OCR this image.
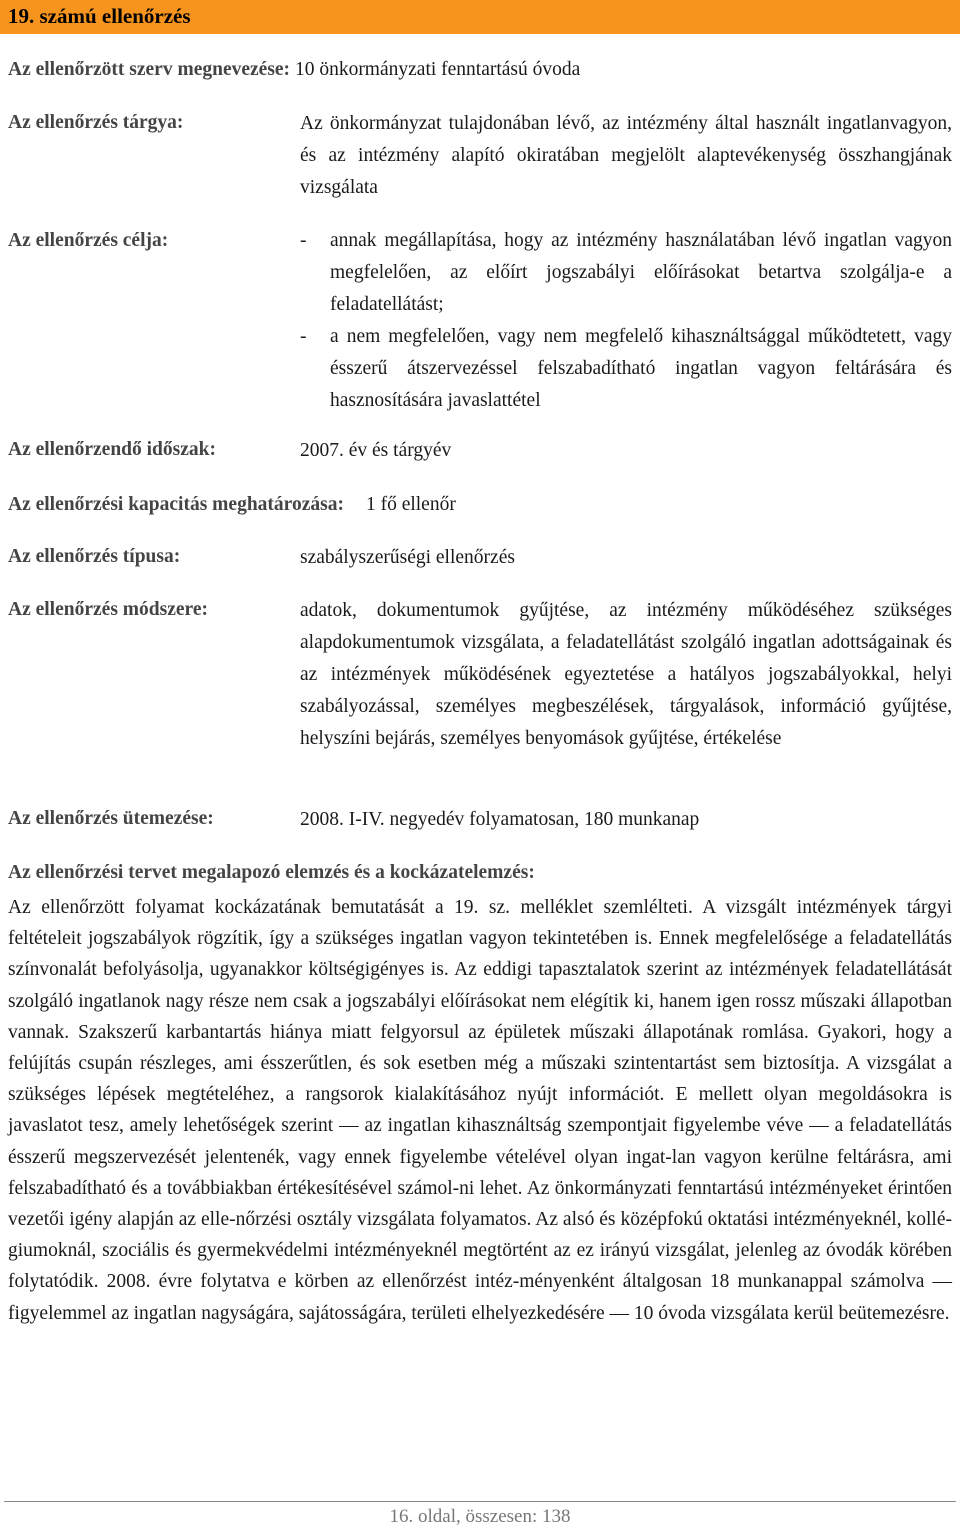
19. számú ellenőrzés
Az ellenőrzött szerv megnevezése: 10 önkormányzati fenntartású óvoda
Az ellenőrzés tárgya:	Az önkormányzat tulajdonában lévő, az intézmény által használt ingatlanvagyon, és az intézmény alapító okiratában megjelölt alaptevékenység összhangjának vizsgálata

Az ellenőrzés célja:	- annak megállapítása, hogy az intézmény használatában lévő ingatlan vagyon megfelelően, az előírt jogszabályi előírásokat betartva szolgálja-e a feladatellátást;
- a nem megfelelően, vagy nem megfelelő kihasználtsággal működtetett, vagy ésszerű átszervezéssel felszabadítható ingatlan vagyon feltárására és hasznosítására javaslattétel
Az ellenőrzendő időszak:	2007. év és tárgyév

Az ellenőrzési kapacitás meghatározása: 1 fő ellenőr
Az ellenőrzés típusa:	szabályszerűségi ellenőrzés

Az ellenőrzés módszere:	adatok, dokumentumok gyűjtése, az intézmény működéséhez szükséges alapdokumentumok vizsgálata, a feladatellátást szolgáló ingatlan adottságainak és az intézmények működésének egyeztetése a hatályos jogszabályokkal, helyi szabályozással, személyes megbeszélések, tárgyalások, információ gyűjtése, helyszíni bejárás, személyes benyomások gyűjtése, értékelése

Az ellenőrzés ütemezése:	2008. I-IV. negyedév folyamatosan, 180 munkanap

Az ellenőrzési tervet megalapozó elemzés és a kockázatelemzés:
Az ellenőrzött folyamat kockázatának bemutatását a 19. sz. melléklet szemlélteti. A vizsgált intézmények tárgyi feltételeit jogszabályok rögzítik, így a szükséges ingatlan vagyon tekintetében is. Ennek megfelelősége a feladatellátás színvonalát befolyásolja, ugyanakkor költségigényes is. Az eddigi tapasztalatok szerint az intézmények feladatellátását szolgáló ingatlanok nagy része nem csak a jogszabályi előírásokat nem elégítik ki, hanem igen rossz műszaki állapotban vannak. Szakszerű karbantartás hiánya miatt felgyorsul az épületek műszaki állapotának romlása. Gyakori, hogy a felújítás csupán részleges, ami ésszerűtlen, és sok esetben még a műszaki szintentartást sem biztosítja. A vizsgálat a szükséges lépések megtételéhez, a rangsorok kialakításához nyújt információt. E mellett olyan megoldásokra is javaslatot tesz, amely lehetőségek szerint — az ingatlan kihasználtság szempontjait figyelembe véve — a feladatellátás ésszerű megszervezését jelentenék, vagy ennek figyelembe vételével olyan ingat-lan vagyon kerülne feltárásra, ami felszabadítható és a továbbiakban értékesítésével számol-ni lehet. Az önkormányzati fenntartású intézményeket érintően vezetői igény alapján az elle-nőrzési osztály vizsgálata folyamatos. Az alsó és középfokú oktatási intézményeknél, kollé-giumoknál, szociális és gyermekvédelmi intézményeknél megtörtént az ez irányú vizsgálat, jelenleg az óvodák körében folytatódik. 2008. évre folytatva e körben az ellenőrzést intéz-ményenként általgosan 18 munkanappal számolva — figyelemmel az ingatlan nagyságára, sajátosságára, területi elhelyezkedésére — 10 óvoda vizsgálata kerül beütemezésre.
16. oldal, összesen: 138
